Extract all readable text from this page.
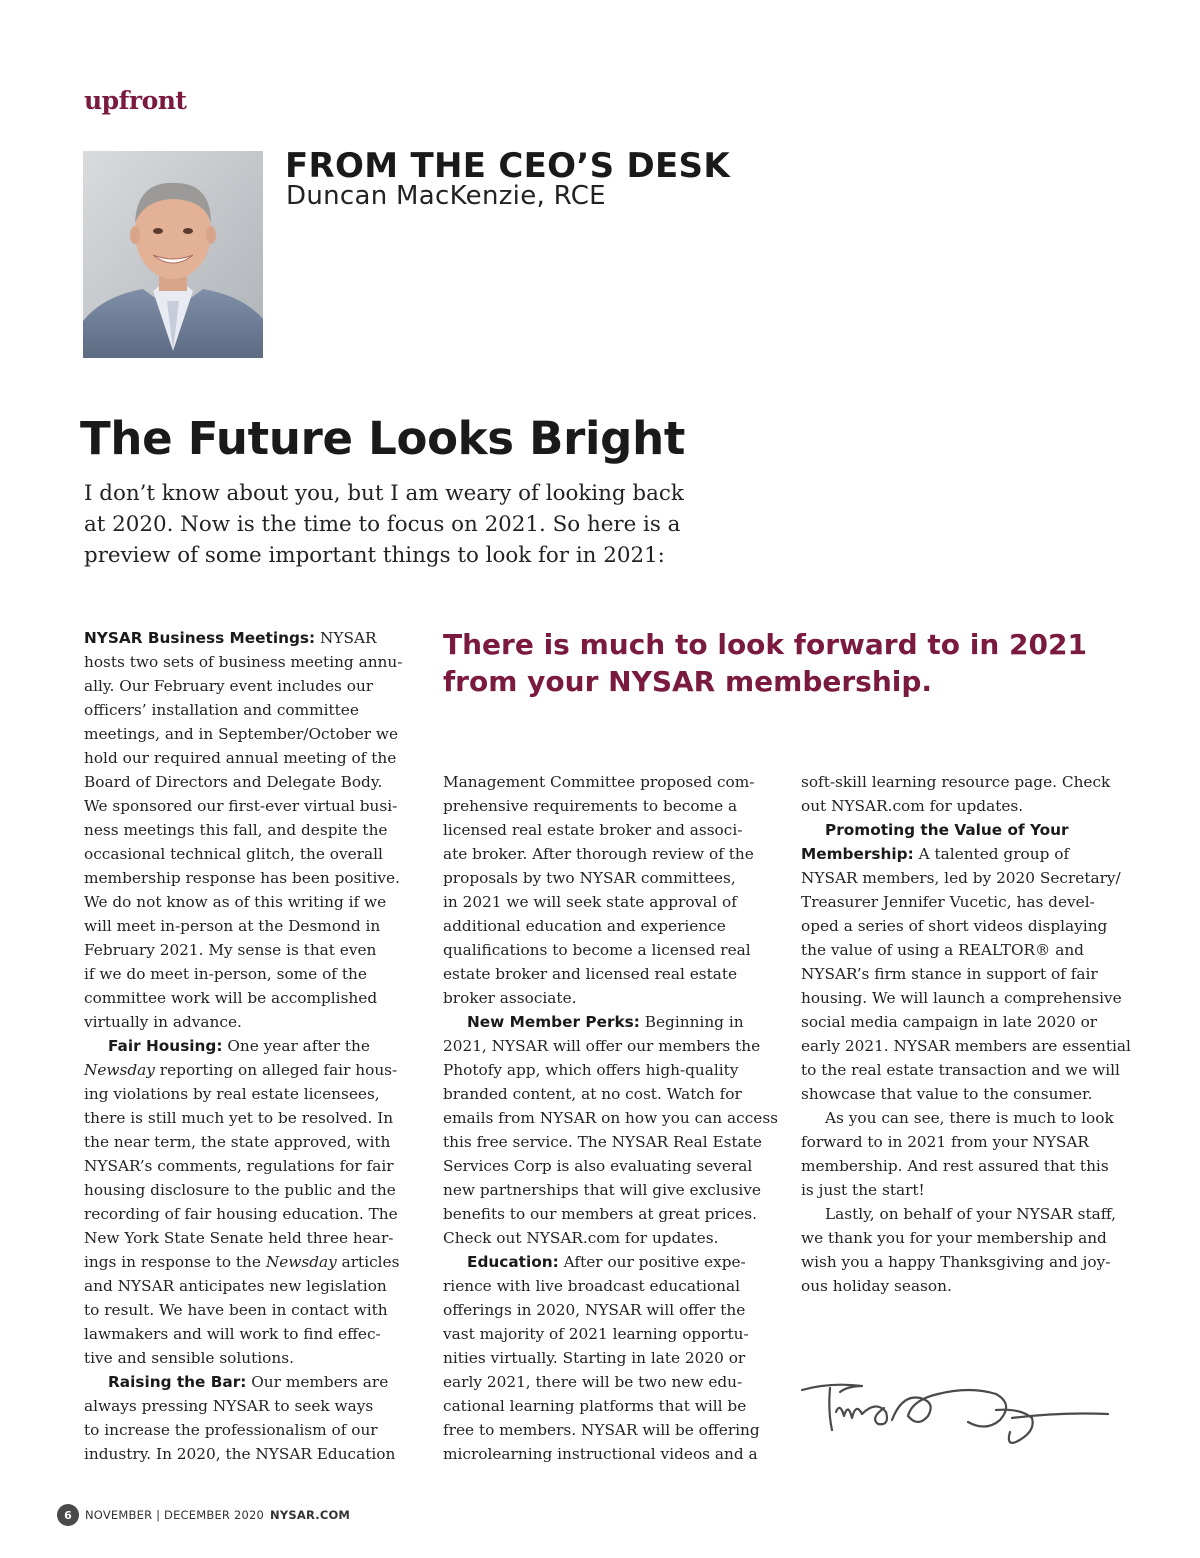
upfront
FROM THE CEO’S DESK
Duncan MacKenzie, RCE
The Future Looks Bright
I don’t know about you, but I am weary of looking back
at 2020. Now is the time to focus on 2021. So here is a
preview of some important things to look for in 2021:
There is much to look forward to in 2021
from your NYSAR membership.
NYSAR Business Meetings: NYSAR
hosts two sets of business meeting annu-
ally. Our February event includes our
officers’ installation and committee
meetings, and in September/October we
hold our required annual meeting of the
Board of Directors and Delegate Body.
We sponsored our first-ever virtual busi-
ness meetings this fall, and despite the
occasional technical glitch, the overall
membership response has been positive.
We do not know as of this writing if we
will meet in-person at the Desmond in
February 2021. My sense is that even
if we do meet in-person, some of the
committee work will be accomplished
virtually in advance.
Fair Housing: One year after the
Newsday reporting on alleged fair hous-
ing violations by real estate licensees,
there is still much yet to be resolved. In
the near term, the state approved, with
NYSAR’s comments, regulations for fair
housing disclosure to the public and the
recording of fair housing education. The
New York State Senate held three hear-
ings in response to the Newsday articles
and NYSAR anticipates new legislation
to result. We have been in contact with
lawmakers and will work to find effec-
tive and sensible solutions.
Raising the Bar: Our members are
always pressing NYSAR to seek ways
to increase the professionalism of our
industry. In 2020, the NYSAR Education
Management Committee proposed com-
prehensive requirements to become a
licensed real estate broker and associ-
ate broker. After thorough review of the
proposals by two NYSAR committees,
in 2021 we will seek state approval of
additional education and experience
qualifications to become a licensed real
estate broker and licensed real estate
broker associate.
New Member Perks: Beginning in
2021, NYSAR will offer our members the
Photofy app, which offers high-quality
branded content, at no cost. Watch for
emails from NYSAR on how you can access
this free service. The NYSAR Real Estate
Services Corp is also evaluating several
new partnerships that will give exclusive
benefits to our members at great prices.
Check out NYSAR.com for updates.
Education: After our positive expe-
rience with live broadcast educational
offerings in 2020, NYSAR will offer the
vast majority of 2021 learning opportu-
nities virtually. Starting in late 2020 or
early 2021, there will be two new edu-
cational learning platforms that will be
free to members. NYSAR will be offering
microlearning instructional videos and a
soft-skill learning resource page. Check
out NYSAR.com for updates.
Promoting the Value of Your
Membership: A talented group of
NYSAR members, led by 2020 Secretary/
Treasurer Jennifer Vucetic, has devel-
oped a series of short videos displaying
the value of using a REALTOR® and
NYSAR’s firm stance in support of fair
housing. We will launch a comprehensive
social media campaign in late 2020 or
early 2021. NYSAR members are essential
to the real estate transaction and we will
showcase that value to the consumer.
As you can see, there is much to look
forward to in 2021 from your NYSAR
membership. And rest assured that this
is just the start!
Lastly, on behalf of your NYSAR staff,
we thank you for your membership and
wish you a happy Thanksgiving and joy-
ous holiday season.
6	NOVEMBER | DECEMBER 2020 NYSAR.COM
